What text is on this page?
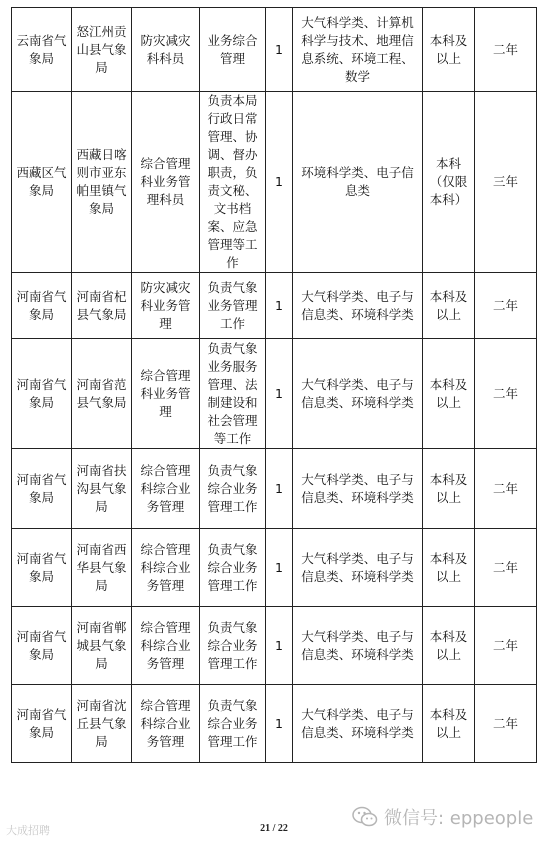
云南省气象局	怒江州贡山县气象局	防灾减灾科科员	业务综合管理	1	大气科学类、计算机科学与技术、地理信息系统、环境工程、数学	本科及以上	二年
西藏区气象局	西藏日喀则市亚东帕里镇气象局	综合管理科业务管理科员	负责本局行政日常管理、协调、督办职责，负责文秘、文书档案、应急管理等工作	1	环境科学类、电子信息类	本科（仅限本科）	三年
河南省气象局	河南省杞县气象局	防灾减灾科业务管理	负责气象业务管理工作	1	大气科学类、电子与信息类、环境科学类	本科及以上	二年
河南省气象局	河南省范县气象局	综合管理科业务管理	负责气象业务服务管理、法制建设和社会管理等工作	1	大气科学类、电子与信息类、环境科学类	本科及以上	二年
河南省气象局	河南省扶沟县气象局	综合管理科综合业务管理	负责气象综合业务管理工作	1	大气科学类、电子与信息类、环境科学类	本科及以上	二年
河南省气象局	河南省西华县气象局	综合管理科综合业务管理	负责气象综合业务管理工作	1	大气科学类、电子与信息类、环境科学类	本科及以上	二年
河南省气象局	河南省郸城县气象局	综合管理科综合业务管理	负责气象综合业务管理工作	1	大气科学类、电子与信息类、环境科学类	本科及以上	二年
河南省气象局	河南省沈丘县气象局	综合管理科综合业务管理	负责气象综合业务管理工作	1	大气科学类、电子与信息类、环境科学类	本科及以上	二年
大成招聘	21 / 22	微信号: eppeople
